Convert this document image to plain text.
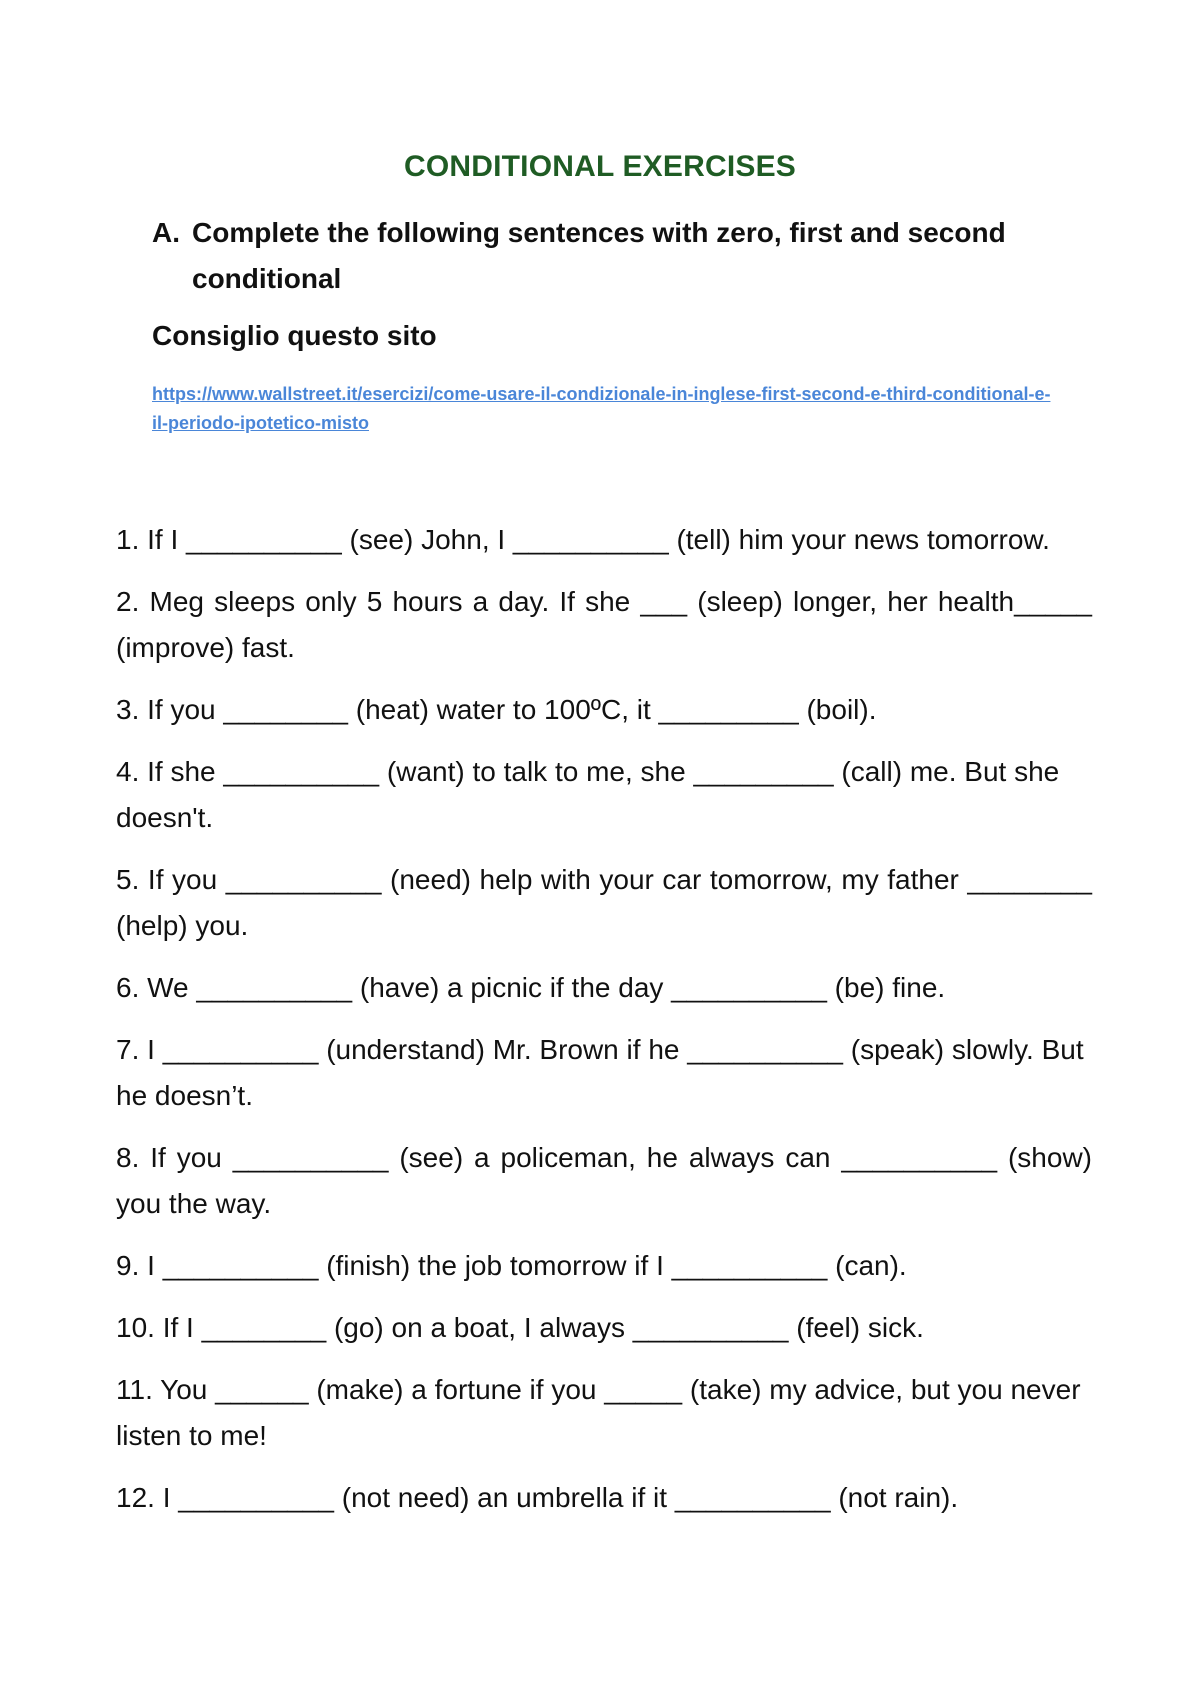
CONDITIONAL EXERCISES
A. Complete the following sentences with zero, first and second conditional
Consiglio questo sito
https://www.wallstreet.it/esercizi/come-usare-il-condizionale-in-inglese-first-second-e-third-conditional-e-il-periodo-ipotetico-misto

1. If I __________ (see) John, I __________ (tell) him your news tomorrow.

2. Meg sleeps only 5 hours a day. If she ___ (sleep) longer, her health_____ (improve) fast.

3. If you ________ (heat) water to 100ºC, it _________ (boil).

4. If she __________ (want) to talk to me, she _________ (call) me. But she doesn't.

5. If you __________ (need) help with your car tomorrow, my father ________ (help) you.

6. We __________ (have) a picnic if the day __________ (be) fine.

7. I __________ (understand) Mr. Brown if he __________ (speak) slowly. But he doesn’t.

8. If you __________ (see) a policeman, he always can __________ (show) you the way.

9. I __________ (finish) the job tomorrow if I __________ (can).

10. If I ________ (go) on a boat, I always __________ (feel) sick.

11. You ______ (make) a fortune if you _____ (take) my advice, but you never listen to me!

12. I __________ (not need) an umbrella if it __________ (not rain).
